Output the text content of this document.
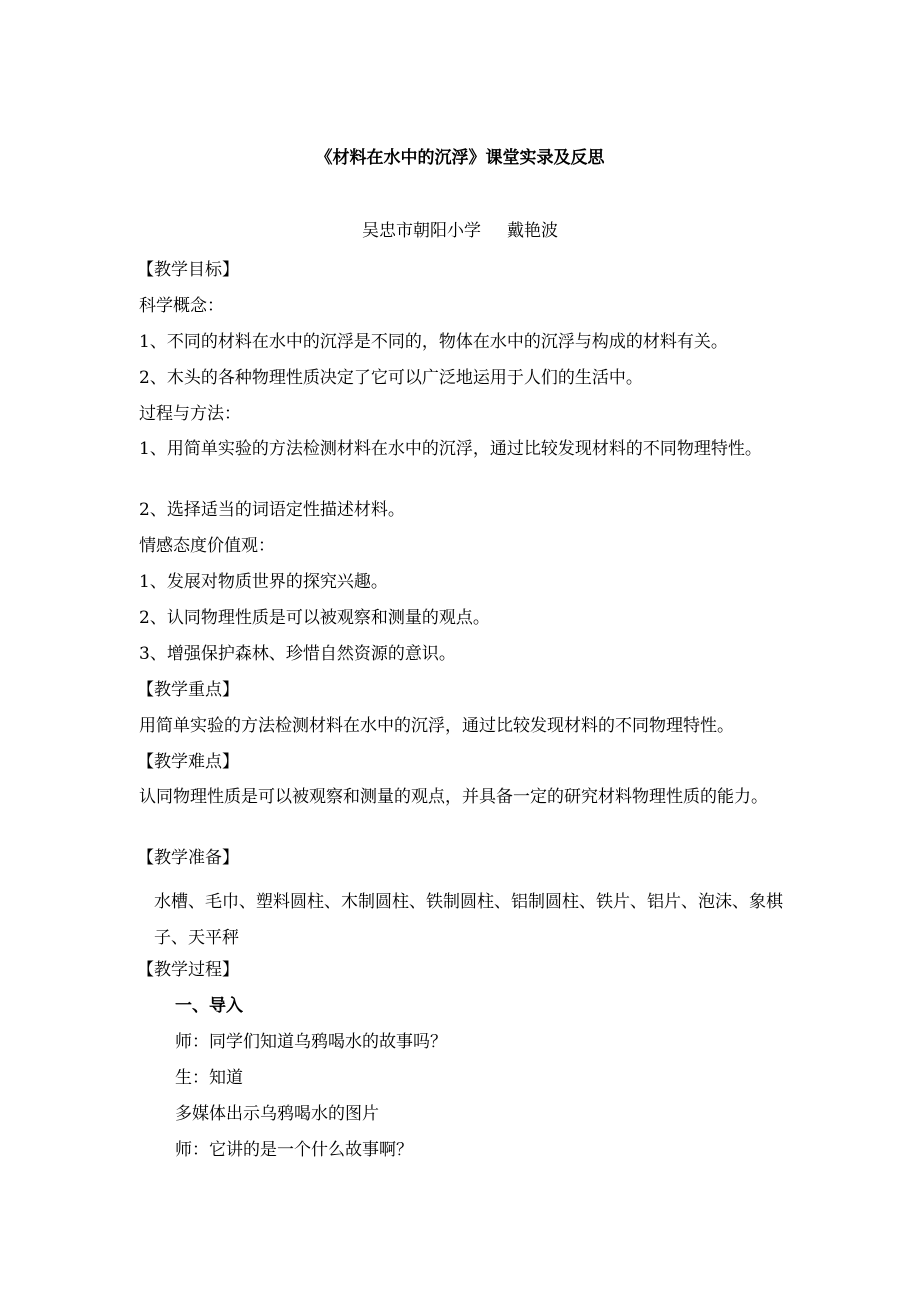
《材料在水中的沉浮》课堂实录及反思
吴忠市朝阳小学 戴艳波
【教学目标】
科学概念：
1、不同的材料在水中的沉浮是不同的，物体在水中的沉浮与构成的材料有关。
2、木头的各种物理性质决定了它可以广泛地运用于人们的生活中。
过程与方法：
1、用简单实验的方法检测材料在水中的沉浮，通过比较发现材料的不同物理特性。
2、选择适当的词语定性描述材料。
情感态度价值观：
1、发展对物质世界的探究兴趣。
2、认同物理性质是可以被观察和测量的观点。
3、增强保护森林、珍惜自然资源的意识。
【教学重点】
用简单实验的方法检测材料在水中的沉浮，通过比较发现材料的不同物理特性。
【教学难点】
认同物理性质是可以被观察和测量的观点，并具备一定的研究材料物理性质的能力。
【教学准备】
水槽、毛巾、塑料圆柱、木制圆柱、铁制圆柱、铝制圆柱、铁片、铝片、泡沫、象棋子、天平秤
【教学过程】
一、导入
师：同学们知道乌鸦喝水的故事吗？
生：知道
多媒体出示乌鸦喝水的图片
师：它讲的是一个什么故事啊？
